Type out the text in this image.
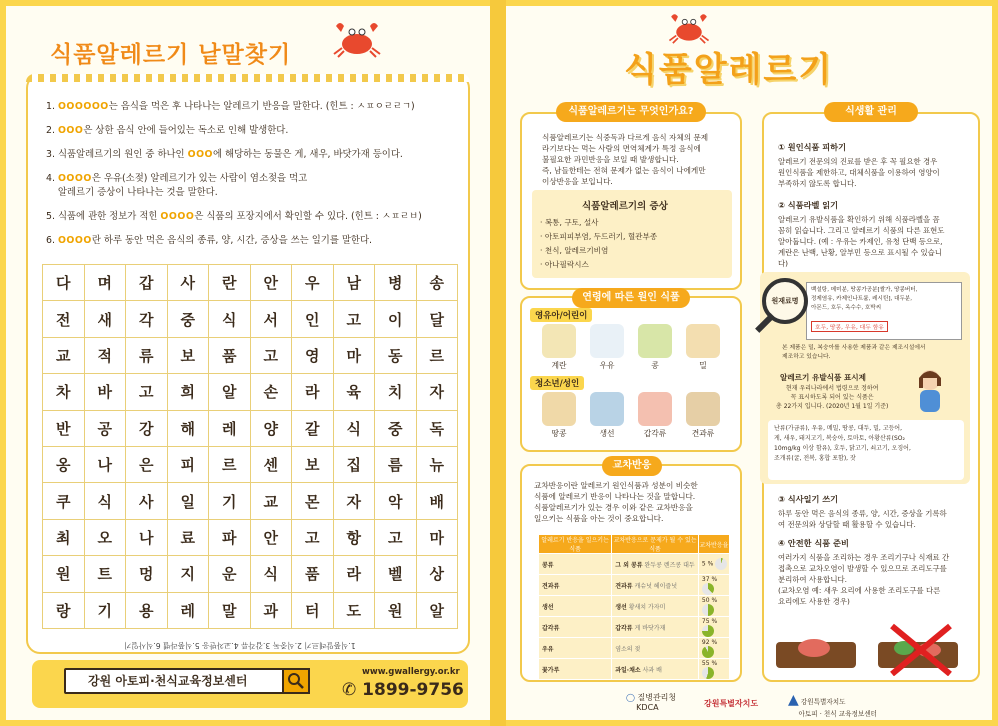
식품알레르기 낱말찾기
1. OOOOOO는 음식을 먹은 후 나타나는 알레르기 반응을 말한다. (힌트 : ㅅㅍㅇㄹㄹㄱ)
2. OOO은 상한 음식 안에 들어있는 독소로 인해 발생한다.
3. 식품알레르기의 원인 중 하나인 OOO에 해당하는 동물은 게, 새우, 바닷가재 등이다.
4. OOOO은 우유(소젖) 알레르기가 있는 사람이 염소젖을 먹고
알레르기 증상이 나타나는 것을 말한다.
5. 식품에 관한 정보가 적힌 OOOO은 식품의 포장지에서 확인할 수 있다. (힌트 : ㅅㅍㄹㅂ)
6. OOOO란 하루 동안 먹은 음식의 종류, 양, 시간, 증상을 쓰는 일기를 말한다.
다	며	갑	사	란	안	우	남	병	송
전	새	각	중	식	서	인	고	이	달
교	적	류	보	품	고	영	마	동	르
차	바	고	희	알	손	라	육	치	자
반	공	강	해	레	양	갈	식	중	독
옹	나	은	피	르	센	보	집	름	뉴
쿠	식	사	일	기	교	몬	자	악	배
최	오	나	료	파	안	고	항	고	마
원	트	멍	지	운	식	품	라	벨	상
랑	기	용	레	말	과	터	도	원	알
1.식품알레르기 2.식중독 3.갑각류 4.교차반응 5.식품라벨 6.식사일기
강원 아토피·천식교육정보센터
www.gwallergy.or.kr
✆ 1899-9756
식품알레르기
식품알레르기는 식중독과 다르게 음식 자체의 문제
라기보다는 먹는 사람의 면역체계가 특정 음식에
불필요한 과민반응을 보일 때 발생합니다.
즉, 남들한테는 전혀 문제가 없는 음식이 나에게만
이상반응을 보입니다.
식품알레르기의 증상
· 복통, 구토, 설사
· 아토피피부염, 두드러기, 혈관부종
· 천식, 알레르기비염
· 아나필락시스
식품알레르기는 무엇인가요?
영유아/어린이
청소년/성인
연령에 따른 원인 식품
계란	우유	콩	밀
땅콩	생선	갑각류	견과류
교차반응이란 알레르기 원인식품과 성분이 비슷한
식품에 알레르기 반응이 나타나는 것을 말합니다.
식품알레르기가 있는 경우 이와 같은 교차반응을
일으키는 식품을 아는 것이 중요합니다.
알레르기 반응을 일으키는 식품	교차반응으로 문제가 될 수 있는 식품	교차반응율
콩류	그 외 콩류 완두콩 렌즈콩 대두	5 %
견과류	견과류 캐슈넛 헤이즐넛	37 %
생선	생선 황새치 가자미	50 %
갑각류	갑각류 게 바닷가재	75 %
우유	염소의 젖	92 %
꽃가루	과일·채소 사과 배	55 %
교차반응
① 원인식품 피하기
알레르기 전문의의 진료를 받은 후 꼭 필요한 경우
원인식품을 제한하고, 대체식품을 이용하여 영양이
부족하지 않도록 합니다.
② 식품라벨 읽기
알레르기 유발식품을 확인하기 위해 식품라벨을 꼼
꼼히 읽습니다. 그리고 알레르기 식품의 다른 표현도
알아둡니다. (예 : 우유는 카제인, 유청 단백 등으로,
계란은 난백, 난황, 알부민 등으로 표시될 수 있습니
다)
백설탕, 메미분, 땅콩가공분[쌀가, 땅콩버터,
정제염유, 카제인나트륨, 레시틴], 대두분,
아몬드, 호두, 옥수수, 호박씨
호두, 땅콩, 우유, 대두 함유
원재료명
본 제품은 밀, 복숭아를 사용한 제품과 같은 제조시설에서
제조하고 있습니다.
알레르기 유발식품 표시제
현재 우리나라에서 법령으로 정하여
꼭 표시하도록 되어 있는 식품은
총 22가지 입니다. (2020년 1월 1일 기준)
난류(가금류), 우유, 메밀, 땅콩, 대두, 밀, 고등어,
게, 새우, 돼지고기, 복숭아, 토마토, 아황산류(SO₂
10mg/kg 이상 함유), 호두, 닭고기, 쇠고기, 오징어,
조개류(굴, 전복, 홍합 포함), 잣
③ 식사일기 쓰기
하루 동안 먹은 음식의 종류, 양, 시간, 증상을 기록하
여 전문의와 상담할 때 활용할 수 있습니다.
④ 안전한 식품 준비
여러가지 식품을 조리하는 경우 조리기구나 식재료 간
접촉으로 교차오염이 발생할 수 있으므로 조리도구를
분리하여 사용합니다.
(교차오염 예: 새우 요리에 사용한 조리도구를 다른
요리에도 사용한 경우)
식생활 관리
◯ 질병관리청
KDCA	강원특별자치도 ▲ 강원특별자치도
아토피 · 천식 교육정보센터
